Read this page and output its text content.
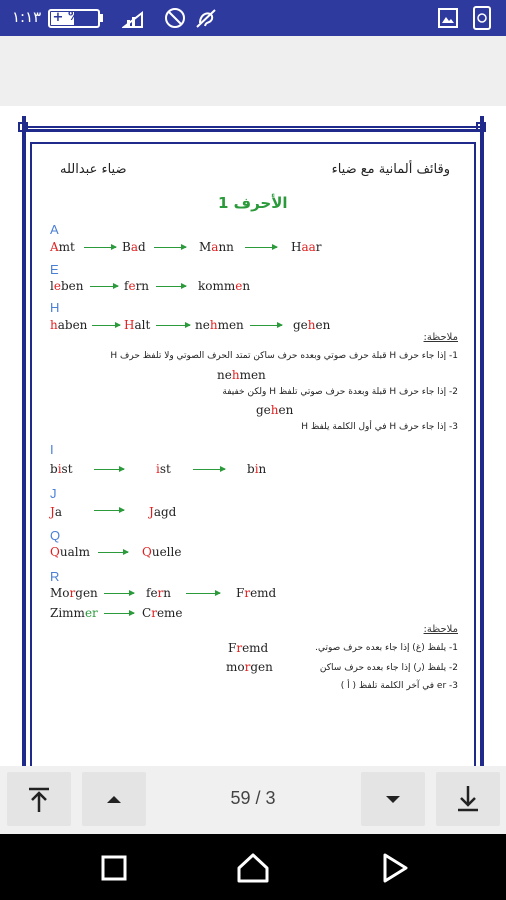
١:١٣ + %٤٧
وقائف ألمانية مع ضياء
ضياء عبدالله
الأحرف 1
A
Amt	Bad	Mann	Haar
E
leben	fern	kommen
H
haben	Halt	nehmen	gehen
ملاحظة:
1- إذا جاء حرف H قبلة حرف صوتي وبعده حرف ساكن تمتد الحرف الصوتي ولا تلفظ حرف H
nehmen
2- إذا جاء حرف H قبلة وبعدة حرف صوتي تلفظ H ولكن خفيفة
gehen
3- إذا جاء حرف H في أول الكلمة يلفظ H
I
bist	ist	bin
J
Ja	Jagd
Q
Qualm	Quelle
R
Morgen	fern	Fremd
Zimmer	Creme
ملاحظة:
1- يلفظ (غ) إذا جاء بعده حرف صوتي.
Fremd
2- يلفظ (ر) إذا جاء بعده حرف ساكن
morgen
3- er في آخر الكلمة تلفظ ( أ )
59 / 3
